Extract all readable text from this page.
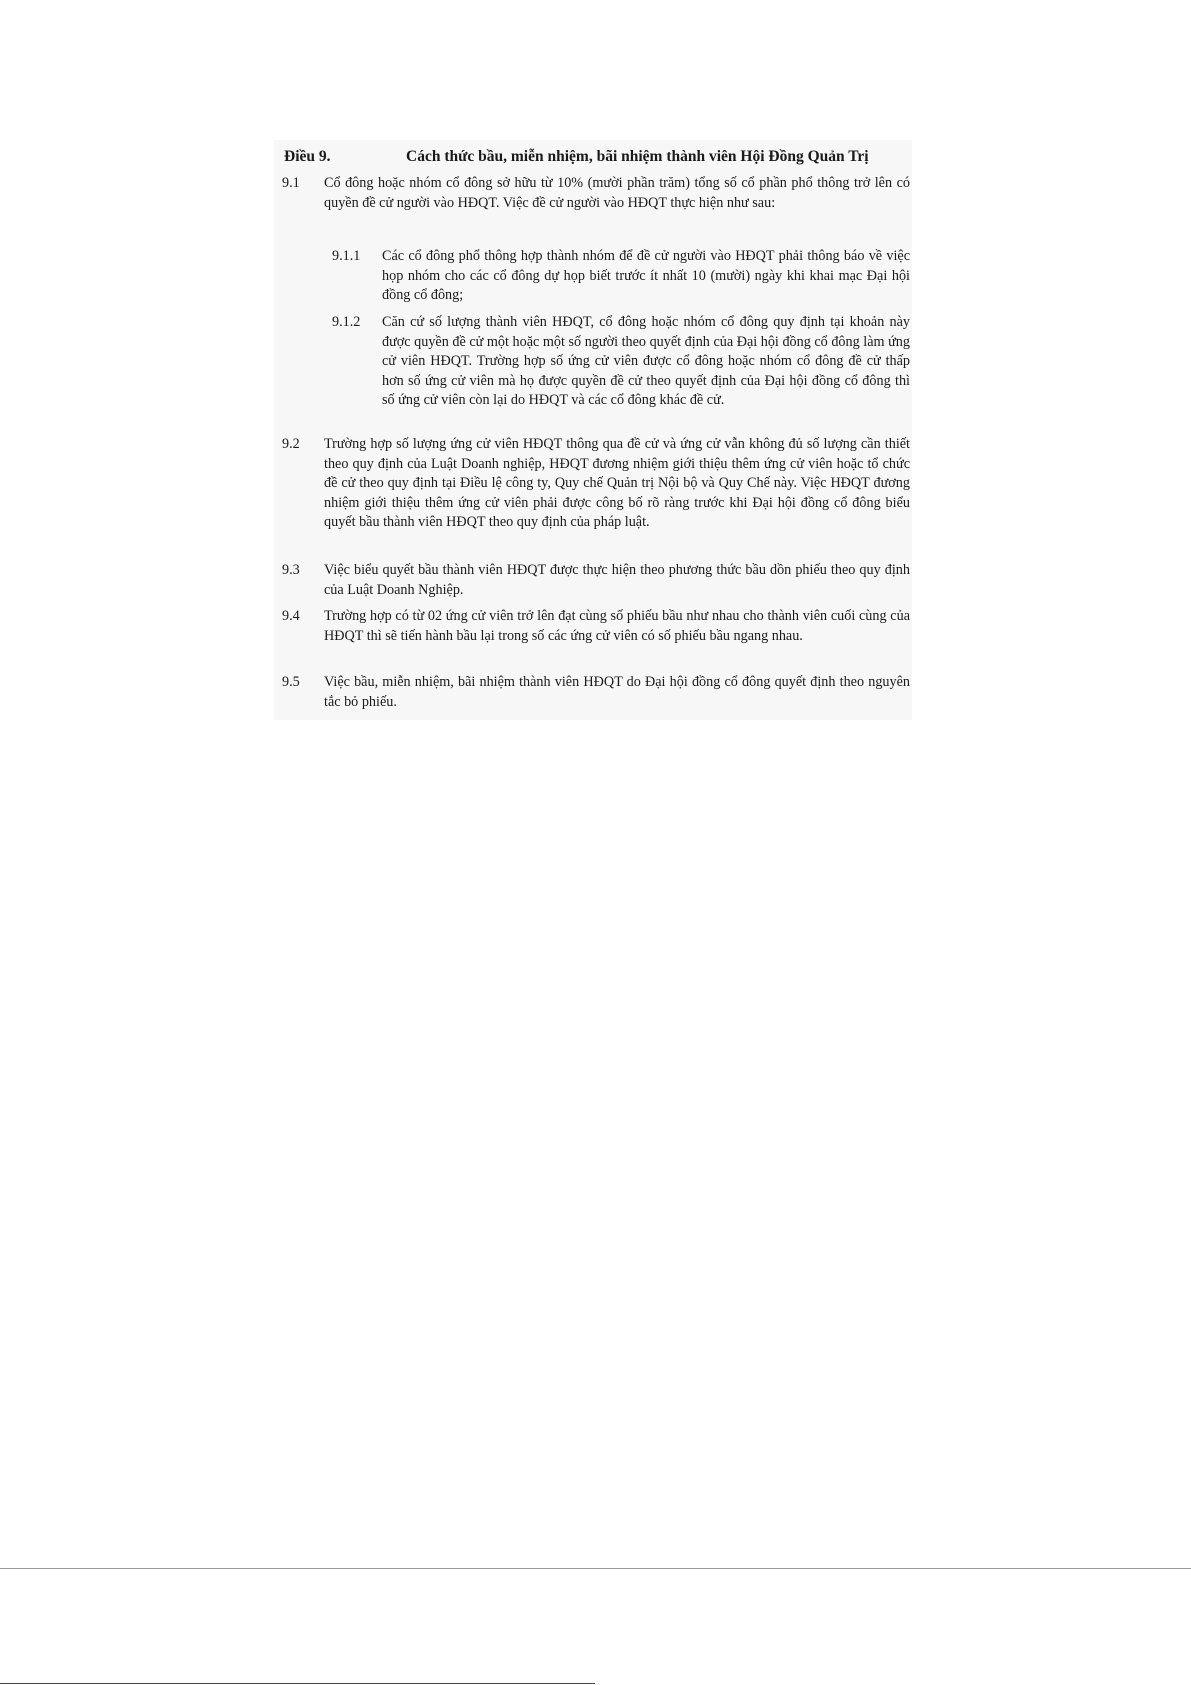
Điều 9.	Cách thức bầu, miễn nhiệm, bãi nhiệm thành viên Hội Đồng Quản Trị
9.1 Cổ đông hoặc nhóm cổ đông sở hữu từ 10% (mười phần trăm) tổng số cổ phần phổ thông trở lên có quyền đề cử người vào HĐQT. Việc đề cử người vào HĐQT thực hiện như sau:
9.1.1 Các cổ đông phổ thông hợp thành nhóm để đề cử người vào HĐQT phải thông báo về việc họp nhóm cho các cổ đông dự họp biết trước ít nhất 10 (mười) ngày khi khai mạc Đại hội đồng cổ đông;
9.1.2 Căn cứ số lượng thành viên HĐQT, cổ đông hoặc nhóm cổ đông quy định tại khoản này được quyền đề cử một hoặc một số người theo quyết định của Đại hội đồng cổ đông làm ứng cử viên HĐQT. Trường hợp số ứng cử viên được cổ đông hoặc nhóm cổ đông đề cử thấp hơn số ứng cử viên mà họ được quyền đề cử theo quyết định của Đại hội đồng cổ đông thì số ứng cử viên còn lại do HĐQT và các cổ đông khác đề cử.
9.2 Trường hợp số lượng ứng cử viên HĐQT thông qua đề cử và ứng cử vẫn không đủ số lượng cần thiết theo quy định của Luật Doanh nghiệp, HĐQT đương nhiệm giới thiệu thêm ứng cử viên hoặc tổ chức đề cử theo quy định tại Điều lệ công ty, Quy chế Quản trị Nội bộ và Quy Chế này. Việc HĐQT đương nhiệm giới thiệu thêm ứng cử viên phải được công bố rõ ràng trước khi Đại hội đồng cổ đông biểu quyết bầu thành viên HĐQT theo quy định của pháp luật.
9.3 Việc biểu quyết bầu thành viên HĐQT được thực hiện theo phương thức bầu dồn phiếu theo quy định của Luật Doanh Nghiệp.
9.4 Trường hợp có từ 02 ứng cử viên trở lên đạt cùng số phiếu bầu như nhau cho thành viên cuối cùng của HĐQT thì sẽ tiến hành bầu lại trong số các ứng cử viên có số phiếu bầu ngang nhau.
9.5 Việc bầu, miễn nhiệm, bãi nhiệm thành viên HĐQT do Đại hội đồng cổ đông quyết định theo nguyên tắc bỏ phiếu.
